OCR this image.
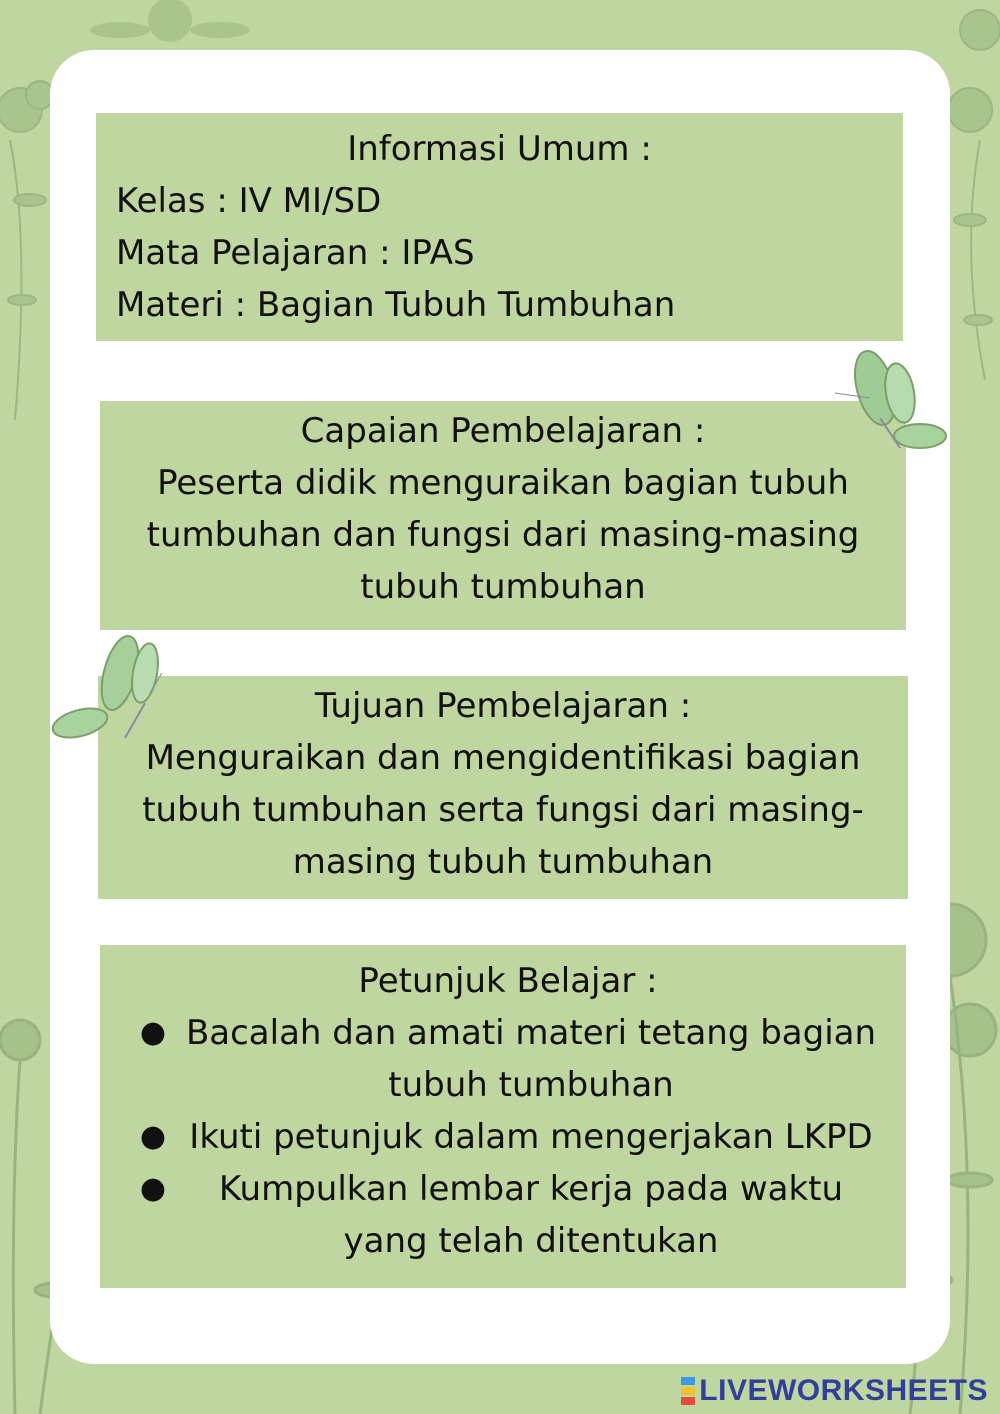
Informasi Umum :
Kelas : IV MI/SD
Mata Pelajaran : IPAS
Materi : Bagian Tubuh Tumbuhan
Capaian Pembelajaran :
Peserta didik menguraikan bagian tubuh
tumbuhan dan fungsi dari masing-masing
tubuh tumbuhan
Tujuan Pembelajaran :
Menguraikan dan mengidentifikasi bagian
tubuh tumbuhan serta fungsi dari masing-
masing tubuh tumbuhan
Petunjuk Belajar :
● Bacalah dan amati materi tetang bagian
tubuh tumbuhan
● Ikuti petunjuk dalam mengerjakan LKPD
●	Kumpulkan lembar kerja pada waktu
yang telah ditentukan
LIVEWORKSHEETS
